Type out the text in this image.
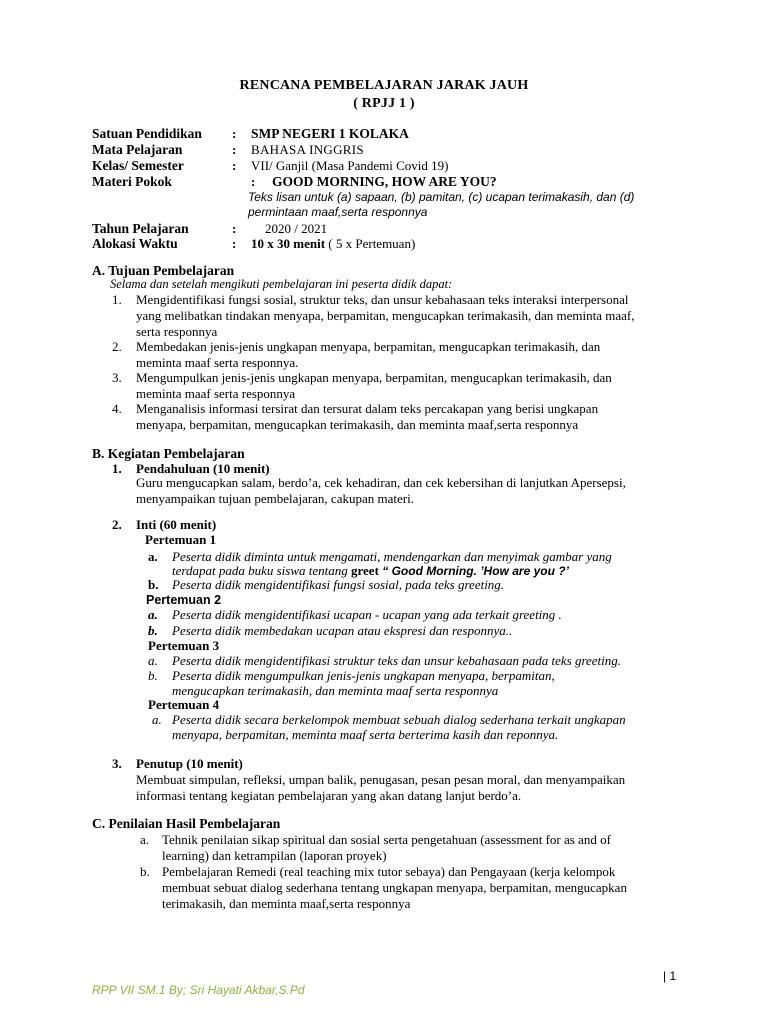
RENCANA PEMBELAJARAN JARAK JAUH
( RPJJ 1 )
Satuan Pendidikan : SMP NEGERI 1 KOLAKA
Mata Pelajaran	: BAHASA INGGRIS
Kelas/ Semester	: VII/ Ganjil (Masa Pandemi Covid 19)
Materi Pokok	: GOOD MORNING, HOW ARE YOU?
Teks lisan untuk (a) sapaan, (b) pamitan, (c) ucapan terimakasih, dan (d)
permintaan maaf,serta responnya
Tahun Pelajaran	: 2020 / 2021
Alokasi Waktu	: 10 x 30 menit ( 5 x Pertemuan)
A. Tujuan Pembelajaran
Selama dan setelah mengikuti pembelajaran ini peserta didik dapat:
1. Mengidentifikasi fungsi sosial, struktur teks, dan unsur kebahasaan teks interaksi interpersonal
yang melibatkan tindakan menyapa, berpamitan, mengucapkan terimakasih, dan meminta maaf,
serta responnya
2. Membedakan jenis-jenis ungkapan menyapa, berpamitan, mengucapkan terimakasih, dan
meminta maaf serta responnya.
3. Mengumpulkan jenis-jenis ungkapan menyapa, berpamitan, mengucapkan terimakasih, dan
meminta maaf serta responnya
4. Menganalisis informasi tersirat dan tersurat dalam teks percakapan yang berisi ungkapan
menyapa, berpamitan, mengucapkan terimakasih, dan meminta maaf,serta responnya
B. Kegiatan Pembelajaran
1. Pendahuluan (10 menit)
Guru mengucapkan salam, berdo’a, cek kehadiran, dan cek kebersihan di lanjutkan Apersepsi,
menyampaikan tujuan pembelajaran, cakupan materi.
2. Inti (60 menit)
Pertemuan 1
a. Peserta didik diminta untuk mengamati, mendengarkan dan menyimak gambar yang
terdapat pada buku siswa tentang greet “ Good Morning. ’How are you ?’
b. Peserta didik mengidentifikasi fungsi sosial, pada teks greeting.
Pertemuan 2
a. Peserta didik mengidentifikasi ucapan - ucapan yang ada terkait greeting .
b. Peserta didik membedakan ucapan atau ekspresi dan responnya..
Pertemuan 3
a. Peserta didik mengidentifikasi struktur teks dan unsur kebahasaan pada teks greeting.
b. Peserta didik mengumpulkan jenis-jenis ungkapan menyapa, berpamitan,
mengucapkan terimakasih, dan meminta maaf serta responnya
Pertemuan 4
a. Peserta didik secara berkelompok membuat sebuah dialog sederhana terkait ungkapan
menyapa, berpamitan, meminta maaf serta berterima kasih dan reponnya.
3. Penutup (10 menit)
Membuat simpulan, refleksi, umpan balik, penugasan, pesan pesan moral, dan menyampaikan
informasi tentang kegiatan pembelajaran yang akan datang lanjut berdo’a.
C. Penilaian Hasil Pembelajaran
a. Tehnik penilaian sikap spiritual dan sosial serta pengetahuan (assessment for as and of
learning) dan ketrampilan (laporan proyek)
b. Pembelajaran Remedi (real teaching mix tutor sebaya) dan Pengayaan (kerja kelompok
membuat sebuat dialog sederhana tentang ungkapan menyapa, berpamitan, mengucapkan
terimakasih, dan meminta maaf,serta responnya
| 1
RPP VII SM.1 By; Sri Hayati Akbar,S.Pd
